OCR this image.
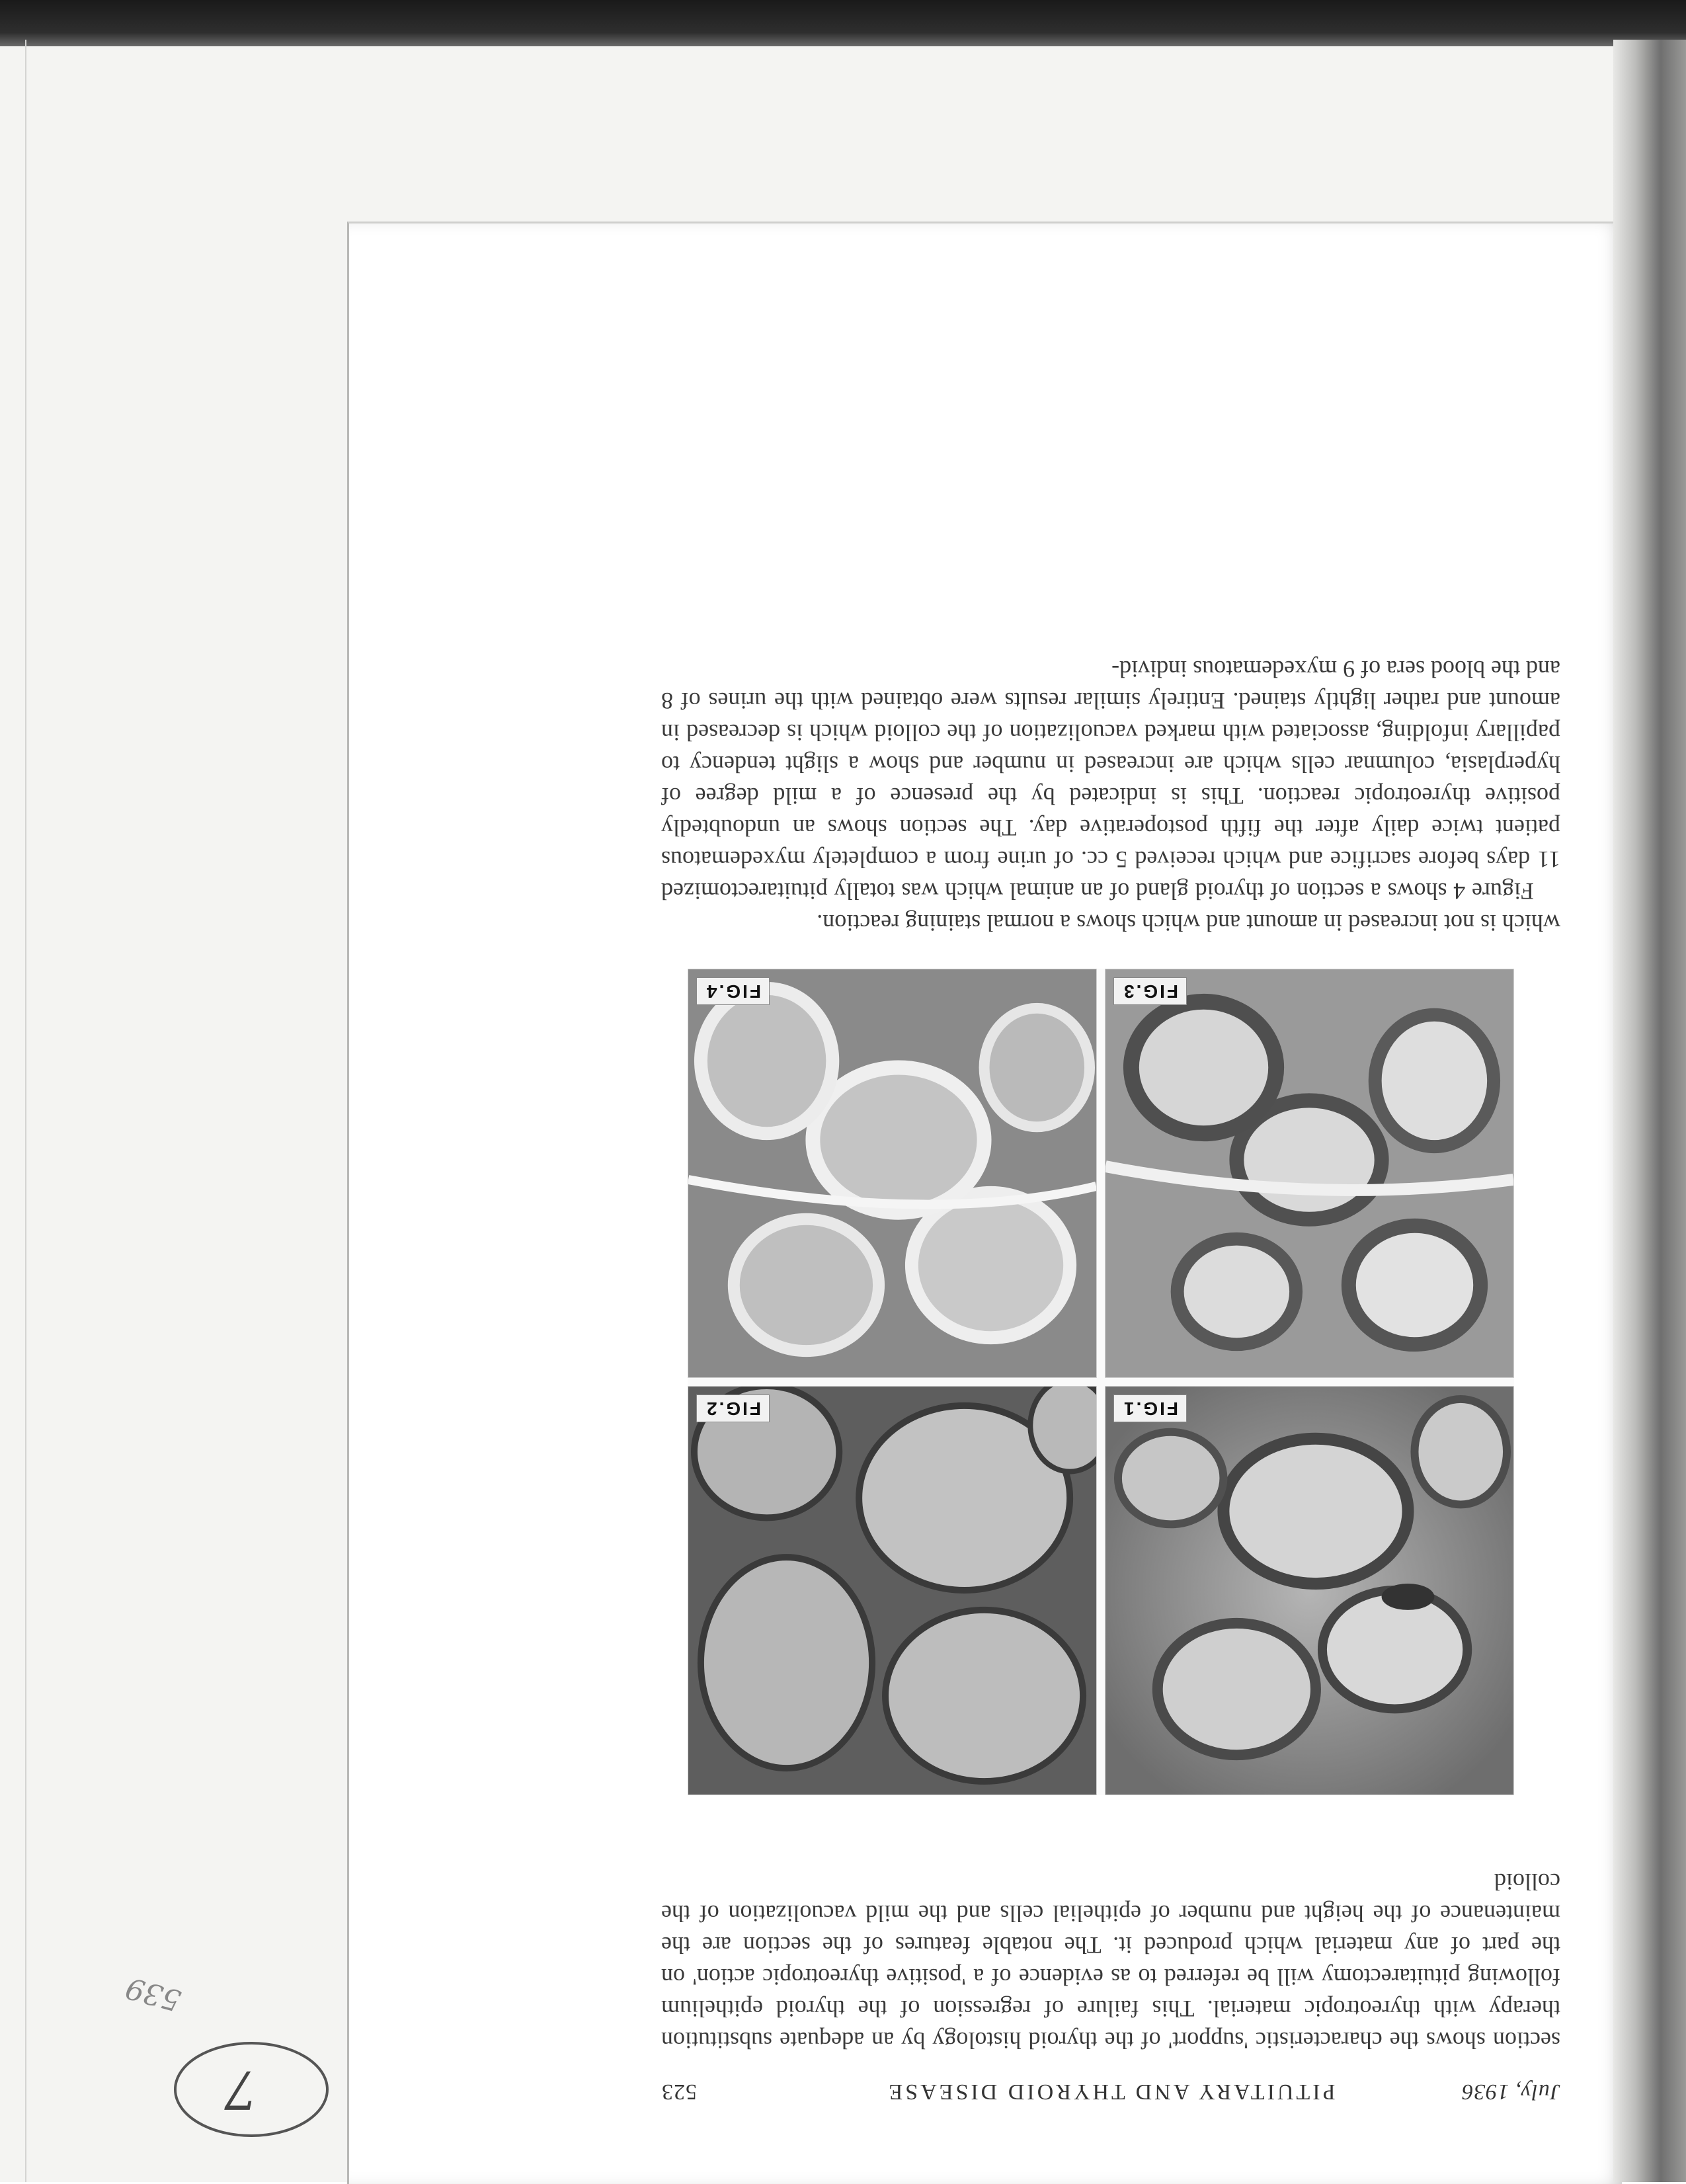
July, 1936
PITUITARY AND THYROID DISEASE
523

section shows the characteristic 'support' of the thyroid histology by an adequate substitution therapy with thyreotropic material. This failure of regression of the thyroid epithelium following pituitarectomy will be referred to as evidence of a 'positive thyreotropic action' on the part of any material which produced it. The notable features of the section are the maintenance of the height and number of epithelial cells and the mild vacuolization of the colloid

FIG.1
FIG.2
FIG.3
FIG.4

which is not increased in amount and which shows a normal staining reaction.

Figure 4 shows a section of thyroid gland of an animal which was totally pituitarectomized 11 days before sacrifice and which received 5 cc. of urine from a completely myxedematous patient twice daily after the fifth postoperative day. The section shows an undoubtedly positive thyreotropic reaction. This is indicated by the presence of a mild degree of hyperplasia, columnar cells which are increased in number and show a slight tendency to papillary infolding, associated with marked vacuolization of the colloid which is decreased in amount and rather lightly stained. Entirely similar results were obtained with the urines of 8 and the blood sera of 9 myxedematous individ-

7
539
